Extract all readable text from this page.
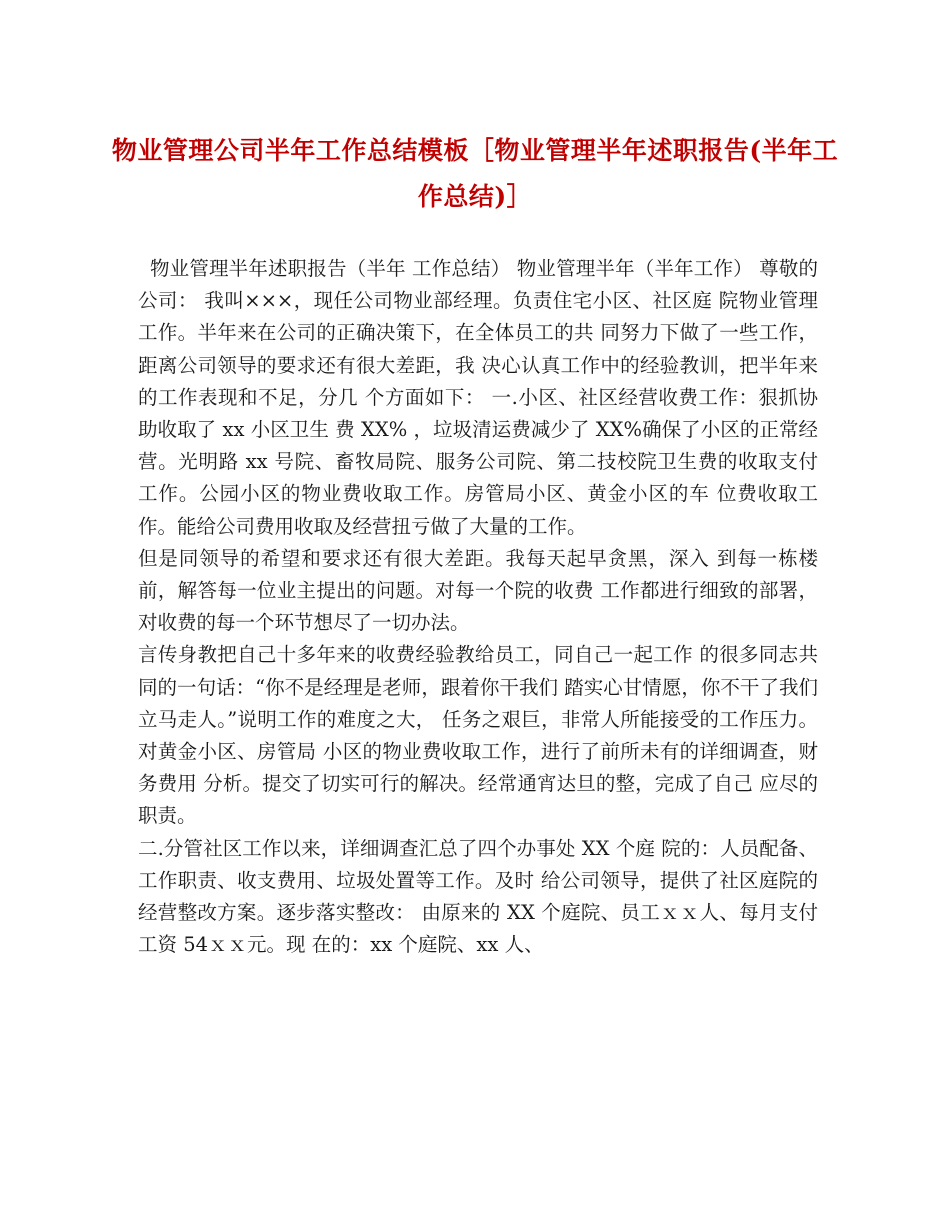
物业管理公司半年工作总结模板［物业管理半年述职报告(半年工作总结)］

物业管理半年述职报告（半年 工作总结） 物业管理半年（半年工作） 尊敬的公司： 我叫×××，现任公司物业部经理。负责住宅小区、社区庭 院物业管理工作。半年来在公司的正确决策下，在全体员工的共 同努力下做了一些工作，距离公司领导的要求还有很大差距，我 决心认真工作中的经验教训，把半年来的工作表现和不足，分几 个方面如下： 一.小区、社区经营收费工作：狠抓协助收取了 xx 小区卫生 费 XX% ，垃圾清运费减少了 XX%确保了小区的正常经营。光明路 xx 号院、畜牧局院、服务公司院、第二技校院卫生费的收取支付 工作。公园小区的物业费收取工作。房管局小区、黄金小区的车 位费收取工作。能给公司费用收取及经营扭亏做了大量的工作。

但是同领导的希望和要求还有很大差距。我每天起早贪黑，深入 到每一栋楼前，解答每一位业主提出的问题。对每一个院的收费 工作都进行细致的部署，对收费的每一个环节想尽了一切办法。

言传身教把自己十多年来的收费经验教给员工，同自己一起工作 的很多同志共同的一句话：“你不是经理是老师，跟着你干我们 踏实心甘情愿，你不干了我们立马走人。”说明工作的难度之大， 任务之艰巨，非常人所能接受的工作压力。对黄金小区、房管局 小区的物业费收取工作，进行了前所未有的详细调查，财务费用 分析。提交了切实可行的解决。经常通宵达旦的整，完成了自己 应尽的职责。

二.分管社区工作以来，详细调查汇总了四个办事处 XX 个庭 院的：人员配备、工作职责、收支费用、垃圾处置等工作。及时 给公司领导，提供了社区庭院的经营整改方案。逐步落实整改： 由原来的 XX 个庭院、员工ｘｘ人、每月支付工资 54ｘｘ元。现 在的：xx 个庭院、xx 人、
